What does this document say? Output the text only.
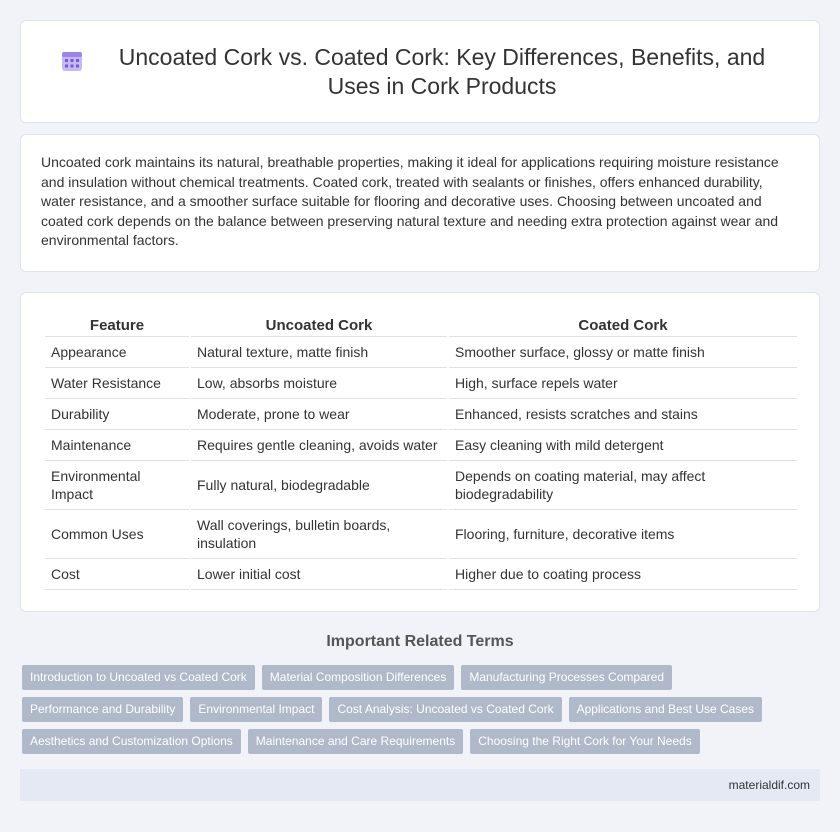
Uncoated Cork vs. Coated Cork: Key Differences, Benefits, and Uses in Cork Products

Uncoated cork maintains its natural, breathable properties, making it ideal for applications requiring moisture resistance and insulation without chemical treatments. Coated cork, treated with sealants or finishes, offers enhanced durability, water resistance, and a smoother surface suitable for flooring and decorative uses. Choosing between uncoated and coated cork depends on the balance between preserving natural texture and needing extra protection against wear and environmental factors.

Feature	Uncoated Cork	Coated Cork
Appearance	Natural texture, matte finish	Smoother surface, glossy or matte finish
Water Resistance	Low, absorbs moisture	High, surface repels water
Durability	Moderate, prone to wear	Enhanced, resists scratches and stains
Maintenance	Requires gentle cleaning, avoids water	Easy cleaning with mild detergent
Environmental Impact	Fully natural, biodegradable	Depends on coating material, may affect biodegradability
Common Uses	Wall coverings, bulletin boards, insulation	Flooring, furniture, decorative items
Cost	Lower initial cost	Higher due to coating process
Important Related Terms
Introduction to Uncoated vs Coated Cork	Material Composition Differences	Manufacturing Processes Compared
Performance and Durability	Environmental Impact	Cost Analysis: Uncoated vs Coated Cork	Applications and Best Use Cases
Aesthetics and Customization Options	Maintenance and Care Requirements	Choosing the Right Cork for Your Needs
materialdif.com
